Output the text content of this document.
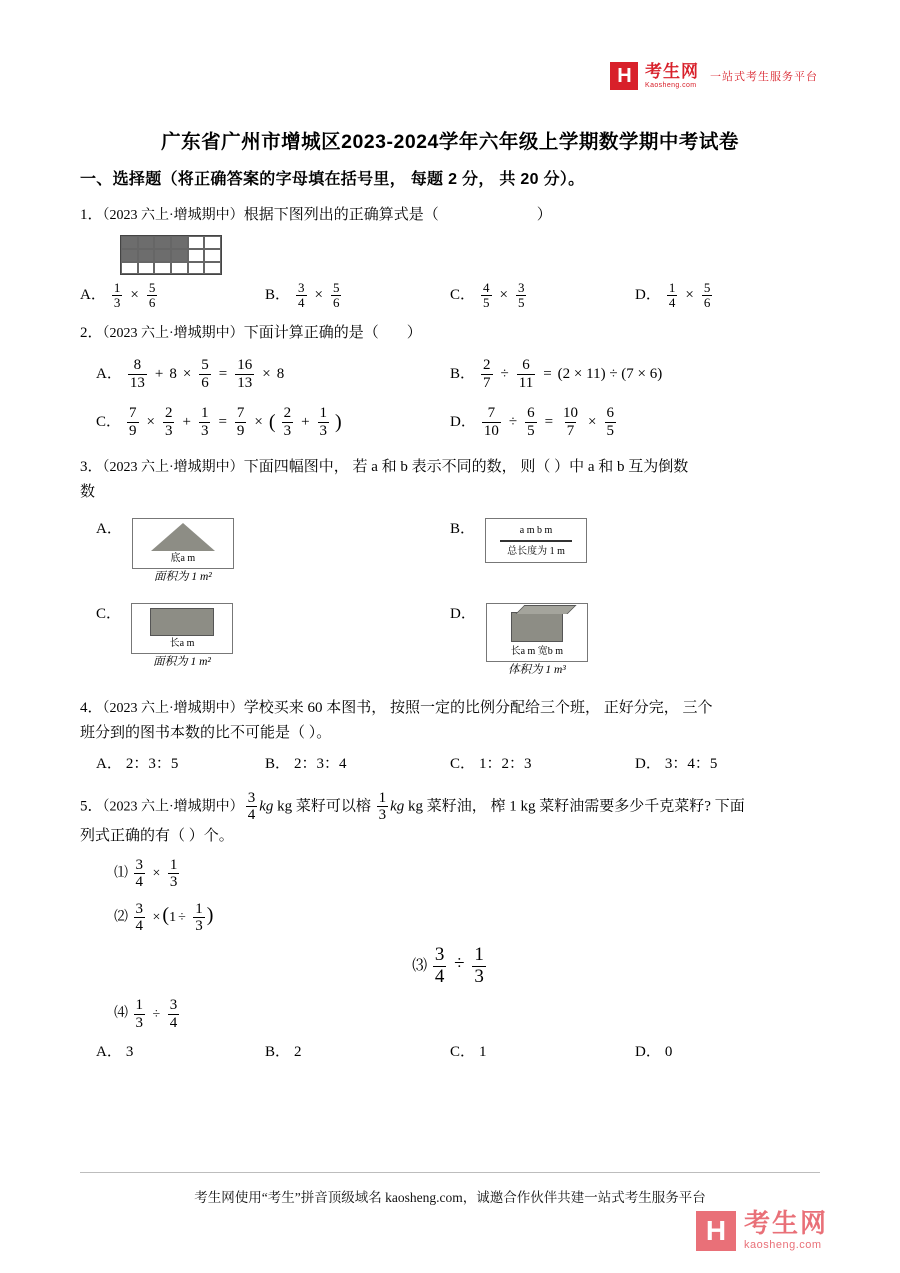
H 考生网
Kaosheng.com
一站式考生服务平台
广东省广州市增城区2023-2024学年六年级上学期数学期中考试卷
一、选择题（将正确答案的字母填在括号里， 每题 2 分， 共 20 分）。
1．（2023 六上·增城期中）根据下图列出的正确算式是（	）
A． $\frac{1}{3} \times \frac{5}{6}$	B． $\frac{3}{4} \times \frac{5}{6}$	C． $\frac{4}{5} \times \frac{3}{5}$	D． $\frac{1}{4} \times \frac{5}{6}$
2．（2023 六上·增城期中）下面计算正确的是（ ）
A． $\frac{8}{13} + 8 \times \frac{5}{6} = \frac{16}{13} \times 8$	B． $\frac{2}{7} \div \frac{6}{11} = (2 \times 11) \div (7 \times 6)$
C． $\frac{7}{9} \times \frac{2}{3} + \frac{1}{3} = \frac{7}{9}$ × ( $\frac{2}{3} + \frac{1}{3}$ )	D． $\frac{7}{10} \div \frac{6}{5} = \frac{10}{7} \times \frac{6}{5}$
3．（2023 六上·增城期中）下面四幅图中， 若 a 和 b 表示不同的数， 则（ ）中 a 和 b 互为倒数
数
A．
底a m
面积为 1 m²
B．	a m b m
总长度为 1 m
C．
长a m
面积为 1 m²
D．
长a m 宽b m
体积为 1 m³
4．（2023 六上·增城期中）学校买来 60 本图书， 按照一定的比例分配给三个班， 正好分完， 三个
班分到的图书本数的比不可能是（ ）。
A． 2：3：5	B． 2：3：4	C． 1：2：3	D． 3：4：5
5．（2023 六上·增城期中） $\frac{3}{4}$ kg kg 菜籽可以榕 $\frac{1}{3}$ kg kg 菜籽油， 榨 1 kg 菜籽油需要多少千克菜籽? 下面
列式正确的有（ ）个。
⑴ $\frac{3}{4} \times \frac{1}{3}$
⑵ $\frac{3}{4} \times (1 \div \frac{1}{3}$ )
⑶ $\frac{3}{4} \div \frac{1}{3}$
⑷ $\frac{1}{3} \div \frac{3}{4}$
A． 3	B． 2	C． 1	D． 0
考生网使用“考生”拼音顶级域名 kaosheng.com，诚邀合作伙伴共建一站式考生服务平台
H 考生网
kaosheng.com
